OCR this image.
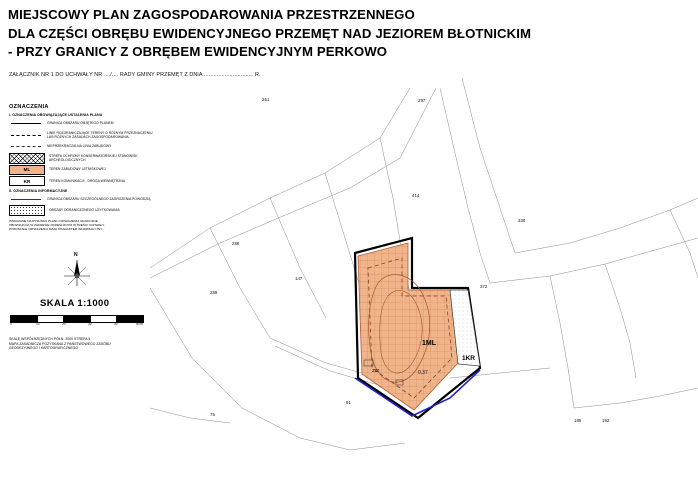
MIEJSCOWY PLAN ZAGOSPODAROWANIA PRZESTRZENNEGO
DLA CZĘŚCI OBRĘBU EWIDENCYJNEGO PRZEMĘT NAD JEZIOREM BŁOTNICKIM
- PRZY GRANICY Z OBRĘBEM EWIDENCYJNYM PERKOWO
ZAŁĄCZNIK NR 1 DO UCHWAŁY NR ..../.... RADY GMINY PRZEMĘT Z DNIA ............................... R.
OZNACZENIA
I. OZNACZENIA OBOWIĄZUJĄCE USTALENIA PLANU
GRANICA OBSZARU OBJĘTEGO PLANEM
LINIE ROZGRANICZAJĄCE TERENY O RÓŻNYM PRZEZNACZENIU LUB RÓŻNYCH ZASADACH ZAGOSPODAROWANIA
NIEPRZEKRACZALNA LINIA ZABUDOWY
STREFA OCHRONY KONSERWATORSKIEJ STANOWISK ARCHEOLOGICZNYCH
ML	TEREN ZABUDOWY LETNISKOWEJ
KR	TEREN KOMUNIKACJI - DROGA WEWNĘTRZNA
II. OZNACZENIA INFORMACYJNE
GRANICA OBSZARU SZCZEGÓLNEGO ZAGROŻENIA POWODZIĄ
OBSZAR OGRANICZONEGO UŻYTKOWANIA
WSKAZANE NA RYSUNKU PLANU OZNACZENIA GRAFICZNE
OBOWIĄZUJĄ W ZAKRESIE OKREŚLONYM W TREŚCI UCHWAŁY.
POZOSTAŁE OZNACZENIA MAJĄ CHARAKTER INFORMACYJNY.
N
SKALA 1:1000
0	10	20	30	40	50 m
SKALĘ WSPÓŁRZĘDNYCH PÓŁN. 2000 STREFA 5
MAPA ZASADNICZA POZYSKANA Z PAŃSTWOWEGO ZASOBU
GEODEZYJNEGO I KARTOGRAFICZNEGO
1ML
1KR
0,37
261	297
414
330
286
147
289
372
220
91
185	192
76
